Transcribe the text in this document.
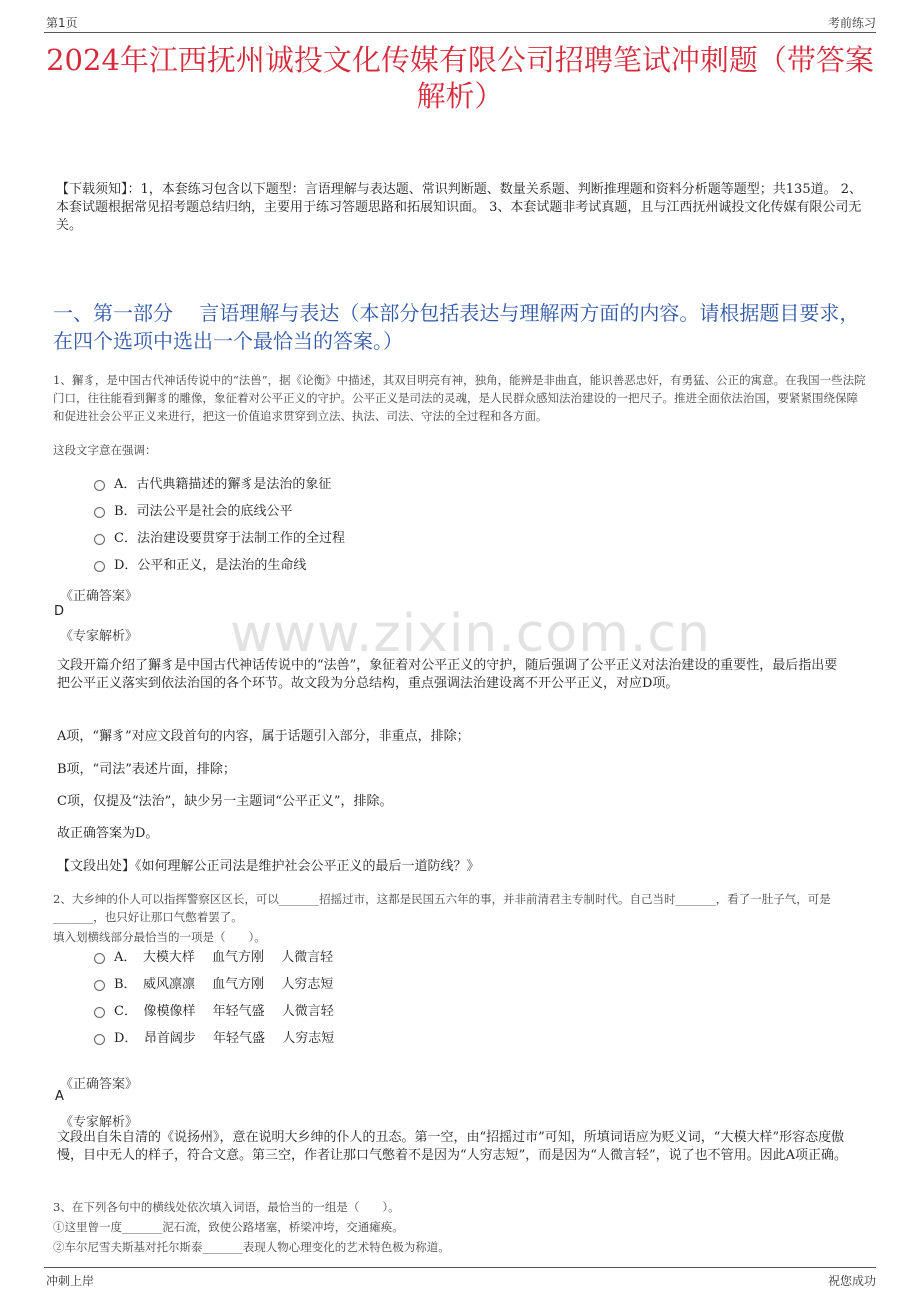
第1页	考前练习
2024年江西抚州诚投文化传媒有限公司招聘笔试冲刺题（带答案解析）
【下载须知】：1，本套练习包含以下题型：言语理解与表达题、常识判断题、数量关系题、判断推理题和资料分析题等题型；共135道。 2、本套试题根据常见招考题总结归纳，主要用于练习答题思路和拓展知识面。 3、本套试题非考试真题，且与江西抚州诚投文化传媒有限公司无关。
一、第一部分　 言语理解与表达（本部分包括表达与理解两方面的内容。请根据题目要求，在四个选项中选出一个最恰当的答案。）
www.zixin.com.cn
1、獬豸，是中国古代神话传说中的“法兽”，据《论衡》中描述，其双目明亮有神，独角，能辨是非曲直，能识善恶忠奸，有勇猛、公正的寓意。在我国一些法院门口，往往能看到獬豸的雕像，象征着对公平正义的守护。公平正义是司法的灵魂，是人民群众感知法治建设的一把尺子。推进全面依法治国，要紧紧围绕保障和促进社会公平正义来进行，把这一价值追求贯穿到立法、执法、司法、守法的全过程和各方面。
这段文字意在强调：
A．古代典籍描述的獬豸是法治的象征
B．司法公平是社会的底线公平
C．法治建设要贯穿于法制工作的全过程
D．公平和正义，是法治的生命线
《正确答案》
D
《专家解析》
文段开篇介绍了獬豸是中国古代神话传说中的“法兽”，象征着对公平正义的守护，随后强调了公平正义对法治建设的重要性，最后指出要把公平正义落实到依法治国的各个环节。故文段为分总结构，重点强调法治建设离不开公平正义，对应D项。
A项，“獬豸”对应文段首句的内容，属于话题引入部分，非重点，排除；
B项，“司法”表述片面，排除；
C项，仅提及“法治”，缺少另一主题词“公平正义”，排除。
故正确答案为D。
【文段出处】《如何理解公正司法是维护社会公平正义的最后一道防线？》
2、大乡绅的仆人可以指挥警察区区长，可以_______招摇过市，这都是民国五六年的事，并非前清君主专制时代。自己当时_______，看了一肚子气，可是_______，也只好让那口气憋着罢了。
填入划横线部分最恰当的一项是（　　）。
A．　大模大样　 血气方刚　 人微言轻
B．　威风凛凛　 血气方刚　 人穷志短
C．　像模像样　 年轻气盛　 人微言轻
D．　昂首阔步　 年轻气盛　 人穷志短
《正确答案》
A
《专家解析》
文段出自朱自清的《说扬州》，意在说明大乡绅的仆人的丑态。第一空，由“招摇过市”可知，所填词语应为贬义词，“大模大样”形容态度傲慢，目中无人的样子，符合文意。第三空，作者让那口气憋着不是因为“人穷志短”，而是因为“人微言轻”，说了也不管用。因此A项正确。
3、在下列各句中的横线处依次填入词语，最恰当的一组是（　　）。
①这里曾一度_______泥石流，致使公路堵塞，桥梁冲垮，交通瘫痪。
②车尔尼雪夫斯基对托尔斯泰_______表现人物心理变化的艺术特色极为称道。
冲刺上岸	祝您成功
